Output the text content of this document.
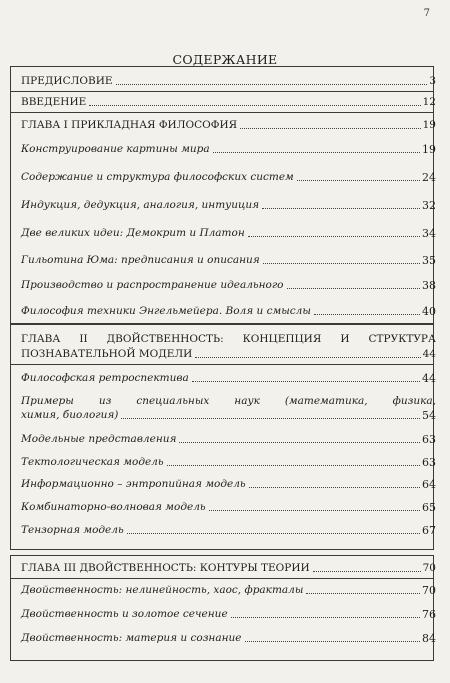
7
СОДЕРЖАНИЕ
ПРЕДИСЛОВИЕ	3
ВВЕДЕНИЕ	12
ГЛАВА I ПРИКЛАДНАЯ ФИЛОСОФИЯ	19
Конструирование картины мира	19
Содержание и структура философских систем	24
Индукция, дедукция, аналогия, интуиция	32
Две великих идеи: Демокрит и Платон	34
Гильотина Юма: предписания и описания	35
Производство и распространение идеального	38
Философия техники Энгельмейера. Воля и смыслы	40
ГЛАВА II ДВОЙСТВЕННОСТЬ: КОНЦЕПЦИЯ И СТРУКТУРА
ПОЗНАВАТЕЛЬНОЙ МОДЕЛИ	44
Философская ретроспектива	44
Примеры из специальных наук (математика, физика,
химия, биология)	54
Модельные представления	63
Тектологическая модель	63
Информационно – энтропийная модель	64
Комбинаторно-волновая модель	65
Тензорная модель	67
ГЛАВА III ДВОЙСТВЕННОСТЬ: КОНТУРЫ ТЕОРИИ	70
Двойственность: нелинейность, хаос, фракталы	70
Двойственность и золотое сечение	76
Двойственность: материя и сознание	84
